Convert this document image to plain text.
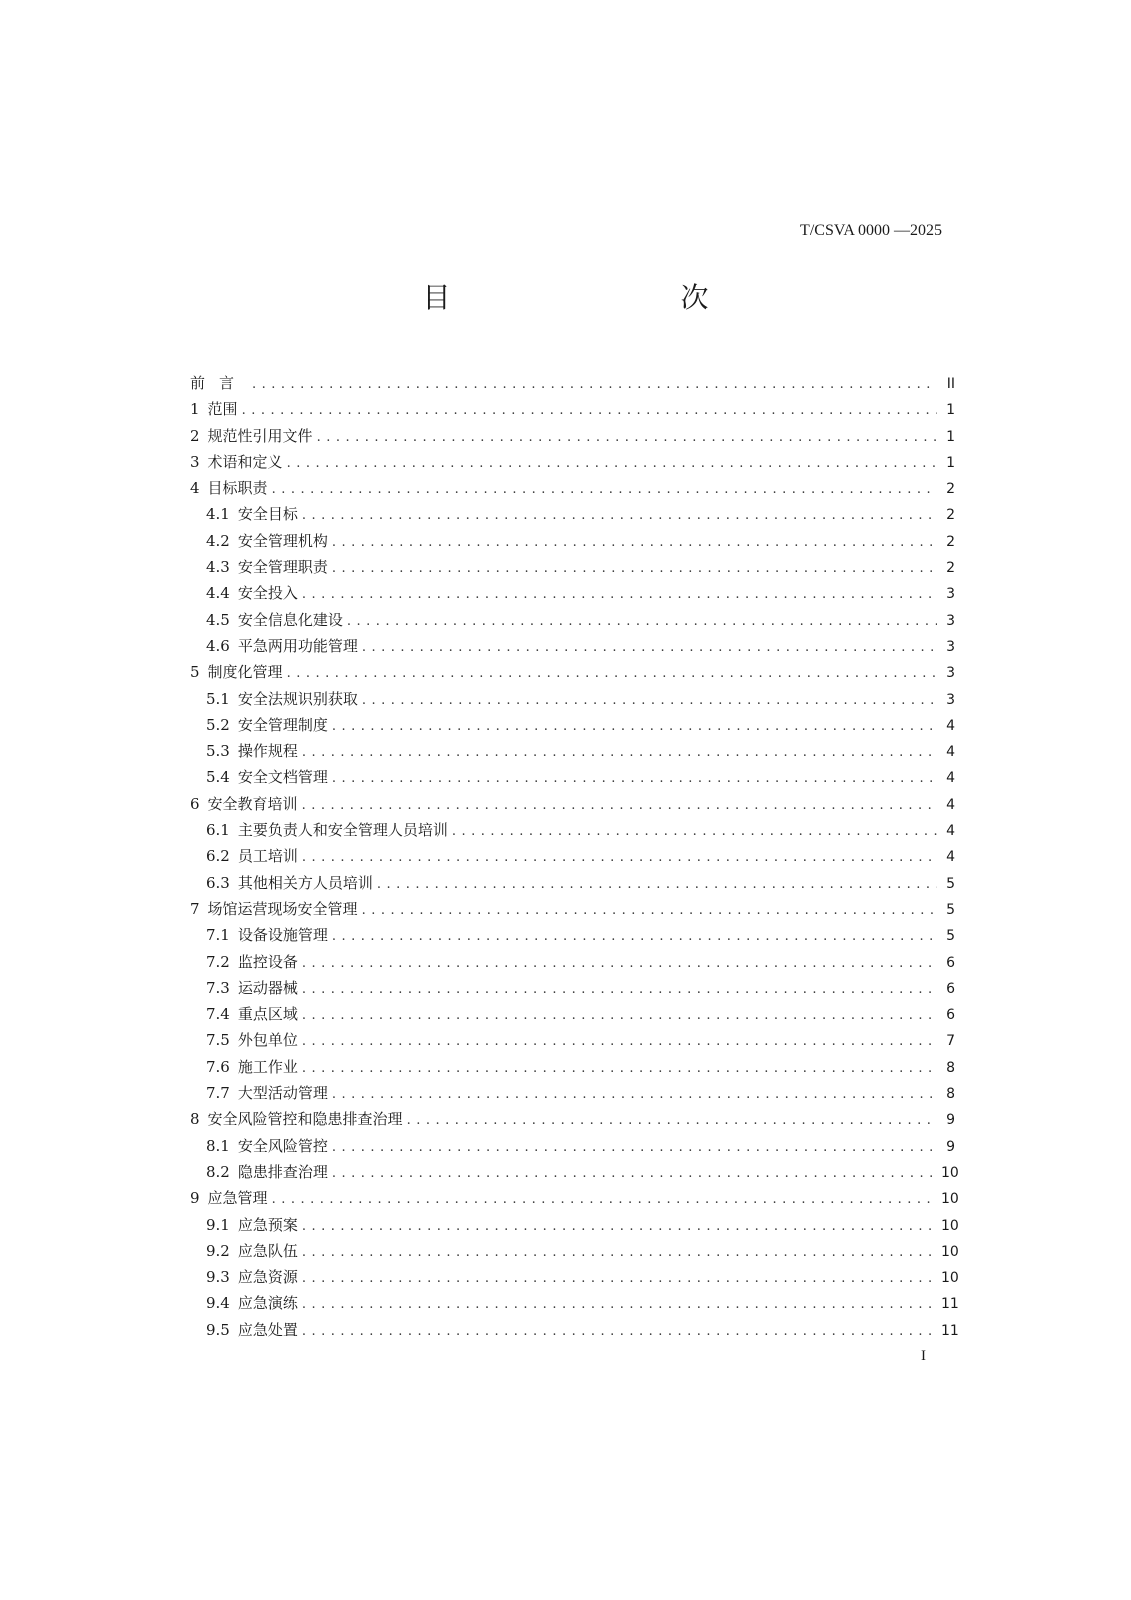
T/CSVA 0000 —2025
目　　次
前言 .....	II
1 范围 .....	1
2 规范性引用文件 .....	1
3 术语和定义 .....	1
4 目标职责 .....	2
4.1 安全目标 .....	2
4.2 安全管理机构 .....	2
4.3 安全管理职责 .....	2
4.4 安全投入 .....	3
4.5 安全信息化建设 .....	3
4.6 平急两用功能管理 .....	3
5 制度化管理 .....	3
5.1 安全法规识别获取 .....	3
5.2 安全管理制度 .....	4
5.3 操作规程 .....	4
5.4 安全文档管理 .....	4
6 安全教育培训 .....	4
6.1 主要负责人和安全管理人员培训 .....	4
6.2 员工培训 .....	4
6.3 其他相关方人员培训 .....	5
7 场馆运营现场安全管理 .....	5
7.1 设备设施管理 .....	5
7.2 监控设备 .....	6
7.3 运动器械 .....	6
7.4 重点区域 .....	6
7.5 外包单位 .....	7
7.6 施工作业 .....	8
7.7 大型活动管理 .....	8
8 安全风险管控和隐患排查治理 .....	9
8.1 安全风险管控 .....	9
8.2 隐患排查治理 .....	10
9 应急管理 .....	10
9.1 应急预案 .....	10
9.2 应急队伍 .....	10
9.3 应急资源 .....	10
9.4 应急演练 .....	11
9.5 应急处置 .....	11
I
